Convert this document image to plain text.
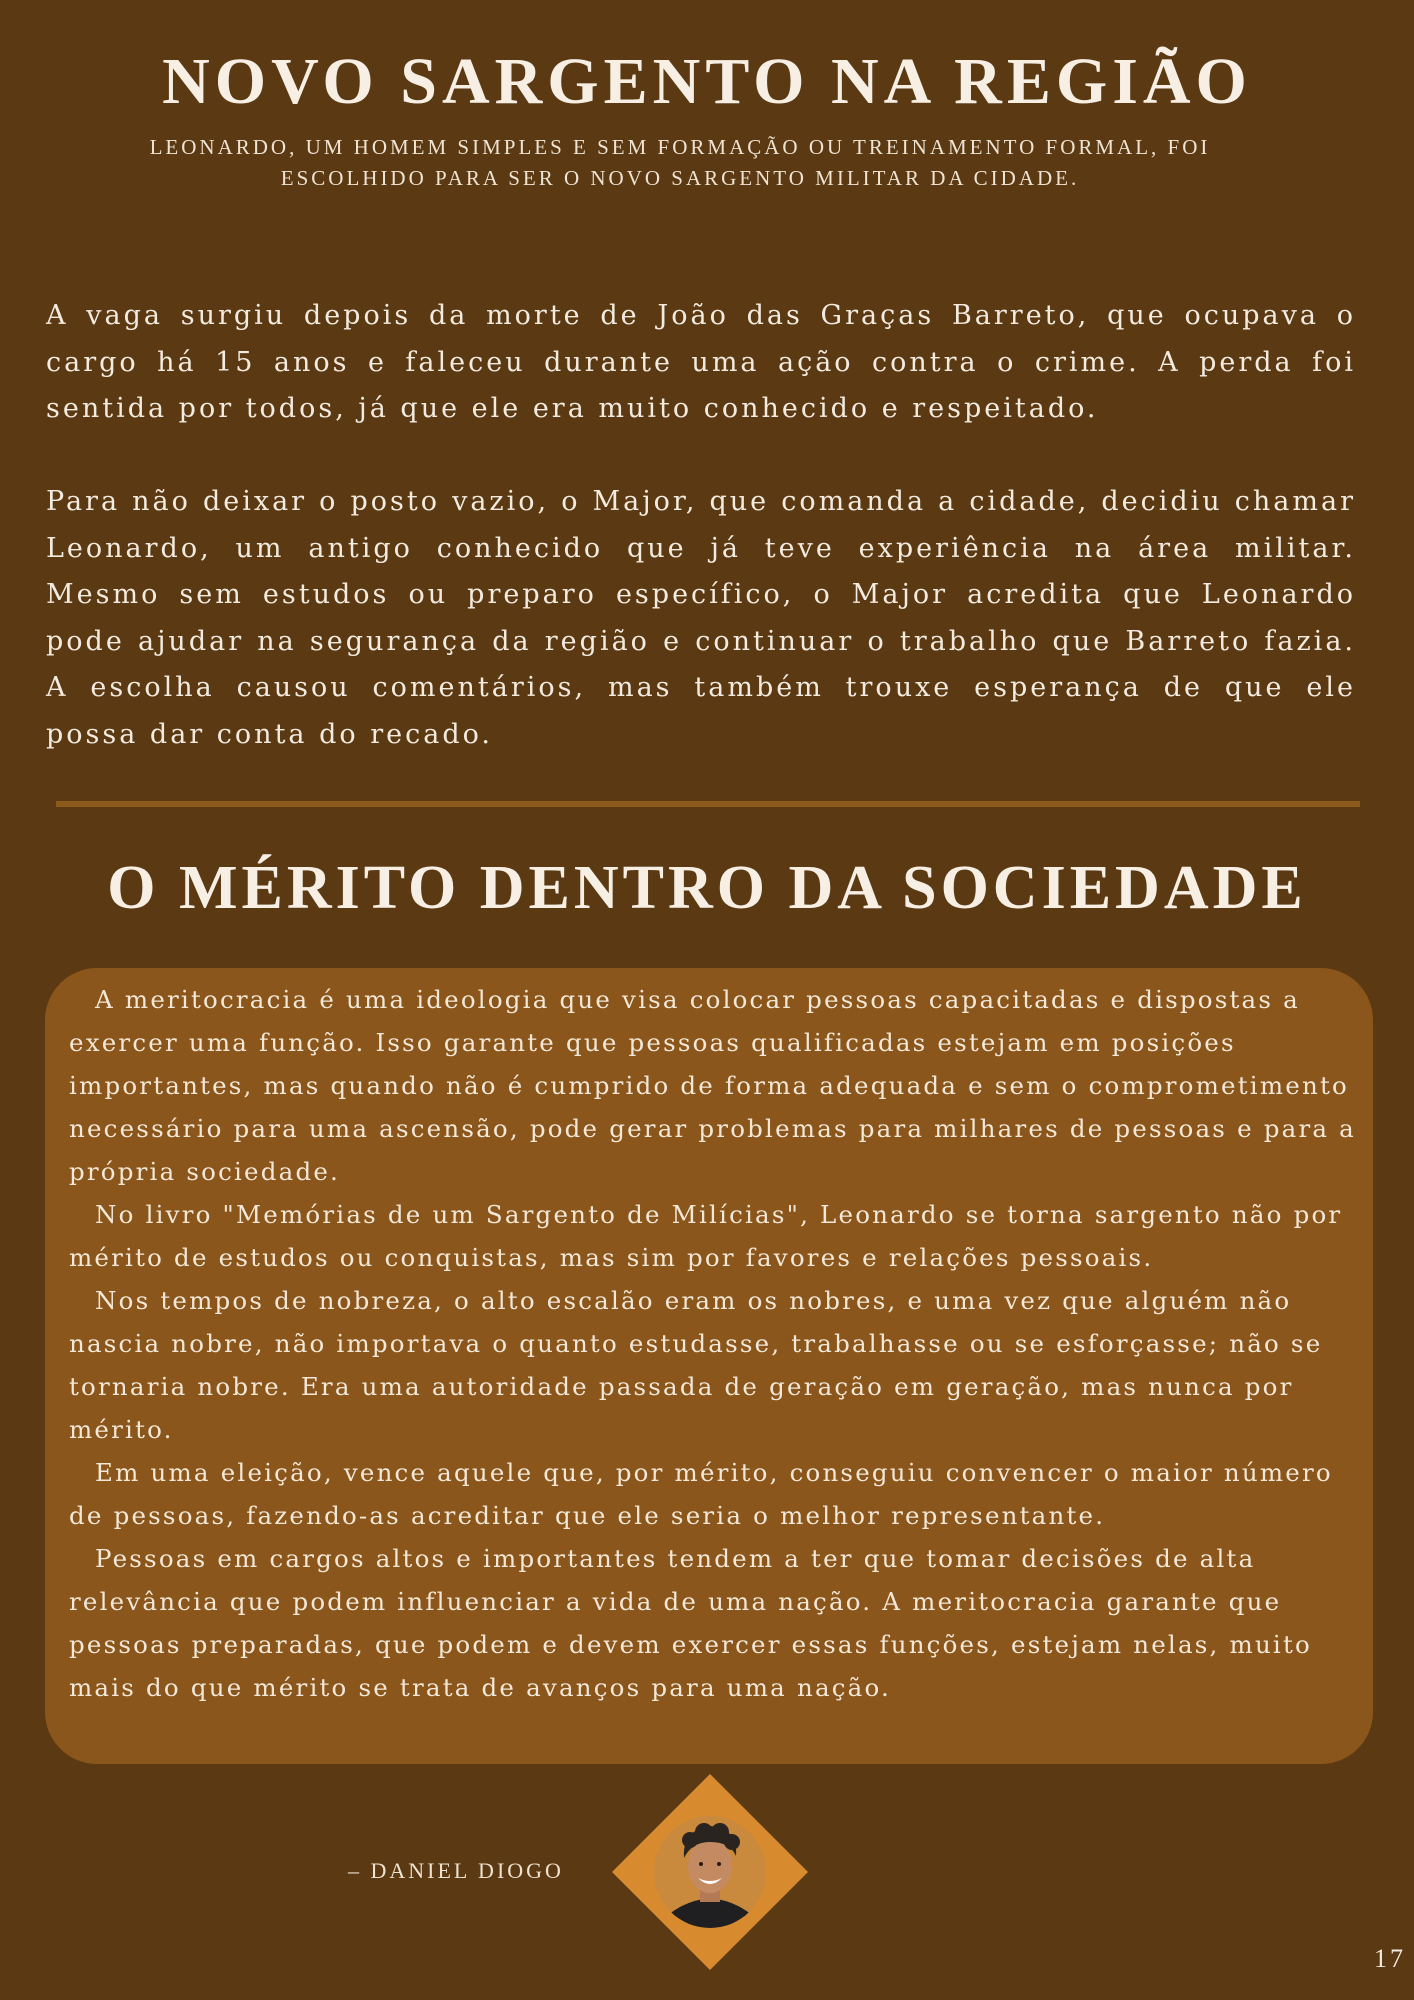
NOVO SARGENTO NA REGIÃO

LEONARDO, UM HOMEM SIMPLES E SEM FORMAÇÃO OU TREINAMENTO FORMAL, FOI ESCOLHIDO PARA SER O NOVO SARGENTO MILITAR DA CIDADE.

A vaga surgiu depois da morte de João das Graças Barreto, que ocupava o cargo há 15 anos e faleceu durante uma ação contra o crime. A perda foi sentida por todos, já que ele era muito conhecido e respeitado.

Para não deixar o posto vazio, o Major, que comanda a cidade, decidiu chamar Leonardo, um antigo conhecido que já teve experiência na área militar. Mesmo sem estudos ou preparo específico, o Major acredita que Leonardo pode ajudar na segurança da região e continuar o trabalho que Barreto fazia. A escolha causou comentários, mas também trouxe esperança de que ele possa dar conta do recado.

O MÉRITO DENTRO DA SOCIEDADE

A meritocracia é uma ideologia que visa colocar pessoas capacitadas e dispostas a exercer uma função. Isso garante que pessoas qualificadas estejam em posições importantes, mas quando não é cumprido de forma adequada e sem o comprometimento necessário para uma ascensão, pode gerar problemas para milhares de pessoas e para a própria sociedade.

No livro "Memórias de um Sargento de Milícias", Leonardo se torna sargento não por mérito de estudos ou conquistas, mas sim por favores e relações pessoais.

Nos tempos de nobreza, o alto escalão eram os nobres, e uma vez que alguém não nascia nobre, não importava o quanto estudasse, trabalhasse ou se esforçasse; não se tornaria nobre. Era uma autoridade passada de geração em geração, mas nunca por mérito.

Em uma eleição, vence aquele que, por mérito, conseguiu convencer o maior número de pessoas, fazendo-as acreditar que ele seria o melhor representante.

Pessoas em cargos altos e importantes tendem a ter que tomar decisões de alta relevância que podem influenciar a vida de uma nação. A meritocracia garante que pessoas preparadas, que podem e devem exercer essas funções, estejam nelas, muito mais do que mérito se trata de avanços para uma nação.

– DANIEL DIOGO

17
